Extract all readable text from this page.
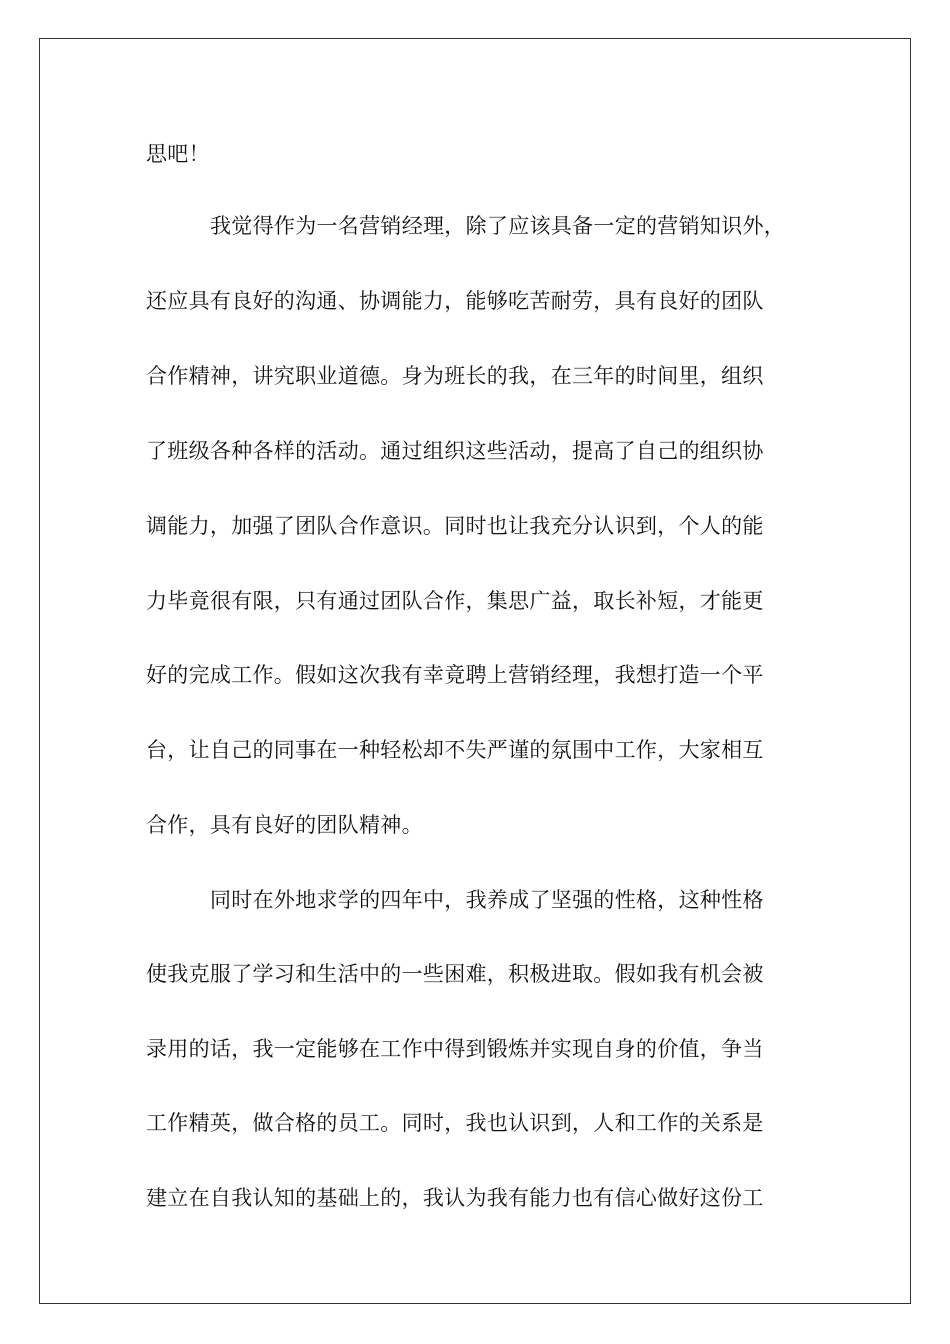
思吧！
我觉得作为一名营销经理，除了应该具备一定的营销知识外，
还应具有良好的沟通、协调能力，能够吃苦耐劳，具有良好的团队
合作精神，讲究职业道德。身为班长的我，在三年的时间里，组织
了班级各种各样的活动。通过组织这些活动，提高了自己的组织协
调能力，加强了团队合作意识。同时也让我充分认识到，个人的能
力毕竟很有限，只有通过团队合作，集思广益，取长补短，才能更
好的完成工作。假如这次我有幸竟聘上营销经理，我想打造一个平
台，让自己的同事在一种轻松却不失严谨的氛围中工作，大家相互
合作，具有良好的团队精神。
同时在外地求学的四年中，我养成了坚强的性格，这种性格
使我克服了学习和生活中的一些困难，积极进取。假如我有机会被
录用的话，我一定能够在工作中得到锻炼并实现自身的价值，争当
工作精英，做合格的员工。同时，我也认识到，人和工作的关系是
建立在自我认知的基础上的，我认为我有能力也有信心做好这份工
